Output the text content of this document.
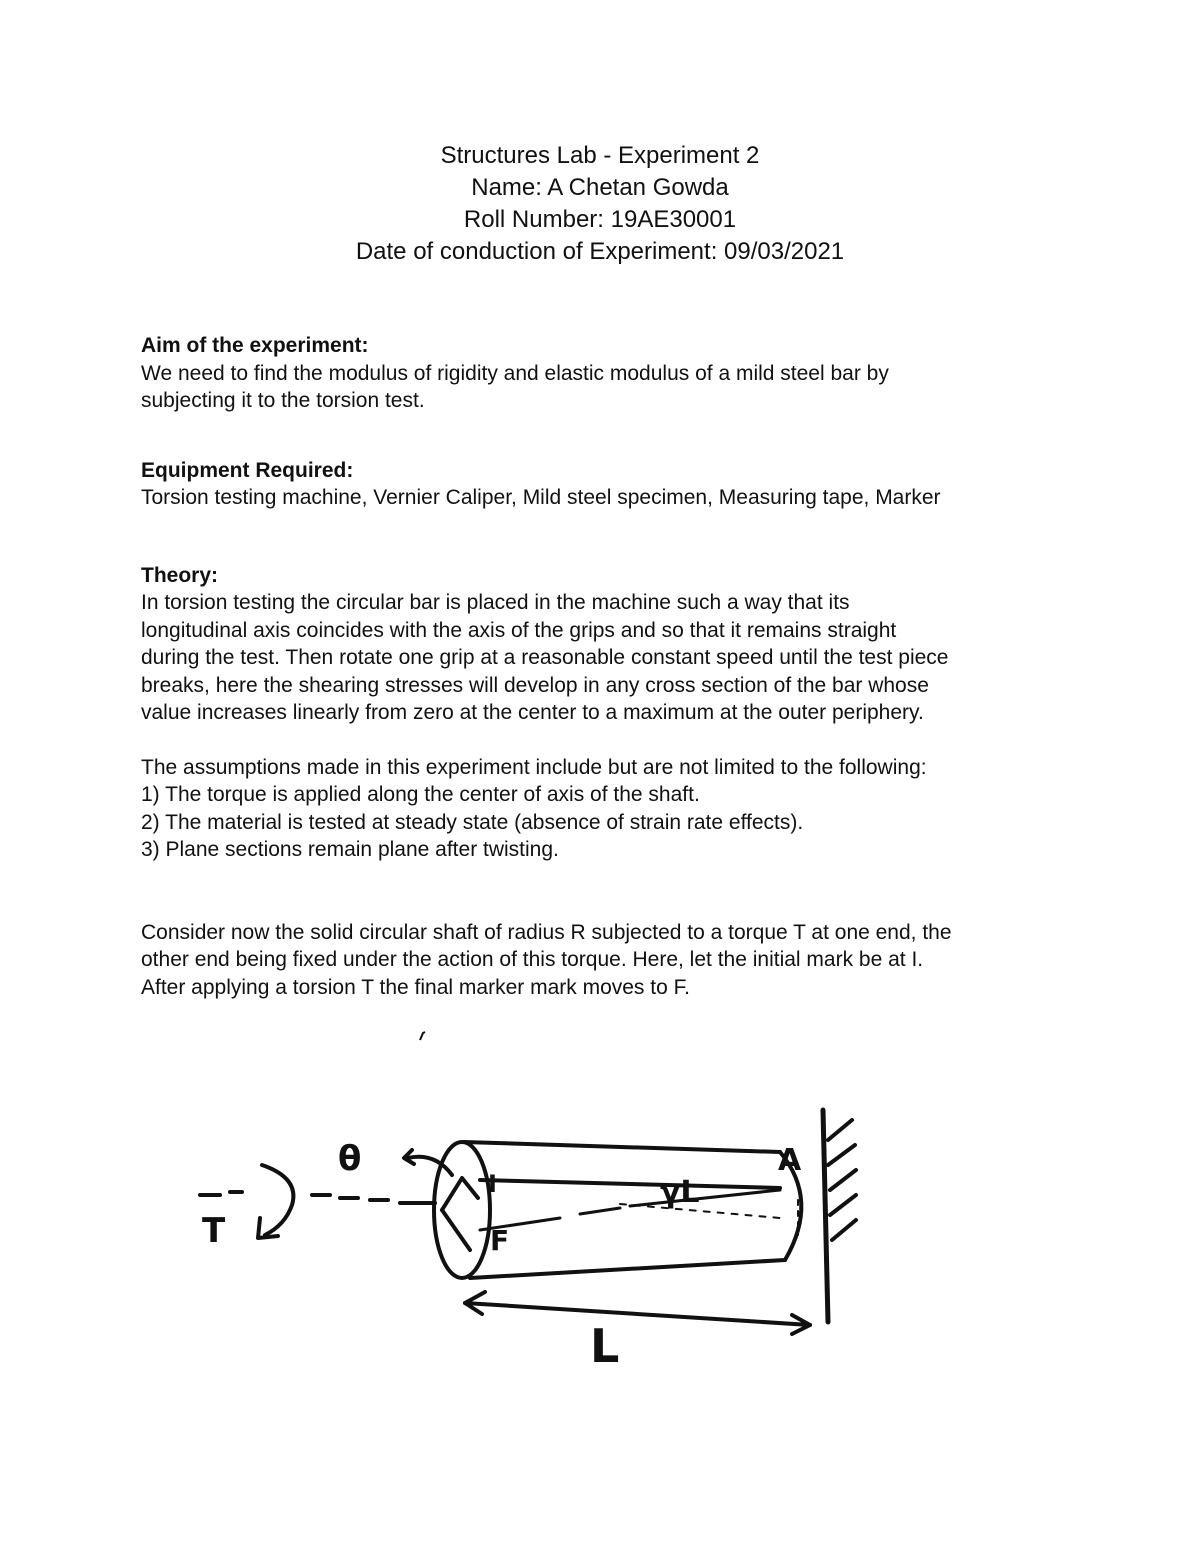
Structures Lab - Experiment 2
Name: A Chetan Gowda
Roll Number: 19AE30001
Date of conduction of Experiment: 09/03/2021
Aim of the experiment:
We need to find the modulus of rigidity and elastic modulus of a mild steel bar by
subjecting it to the torsion test.
Equipment Required:
Torsion testing machine, Vernier Caliper, Mild steel specimen, Measuring tape, Marker
Theory:
In torsion testing the circular bar is placed in the machine such a way that its
longitudinal axis coincides with the axis of the grips and so that it remains straight
during the test. Then rotate one grip at a reasonable constant speed until the test piece
breaks, here the shearing stresses will develop in any cross section of the bar whose
value increases linearly from zero at the center to a maximum at the outer periphery.
The assumptions made in this experiment include but are not limited to the following:
1) The torque is applied along the center of axis of the shaft.
2) The material is tested at steady state (absence of strain rate effects).
3) Plane sections remain plane after twisting.
Consider now the solid circular shaft of radius R subjected to a torque T at one end, the
other end being fixed under the action of this torque. Here, let the initial mark be at I.
After applying a torsion T the final marker mark moves to F.
T
θ
I
F
γL
A
L
